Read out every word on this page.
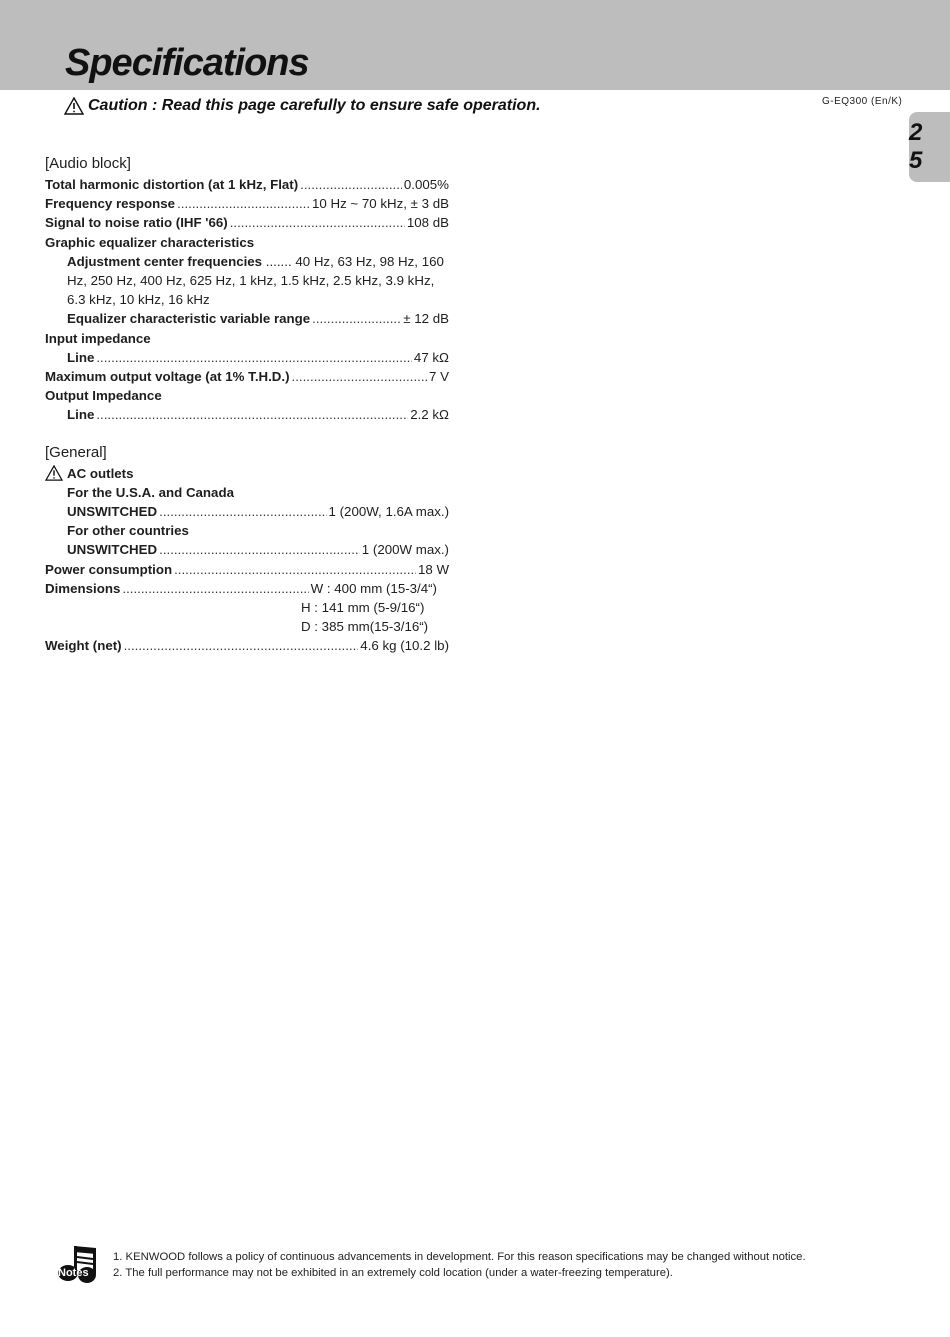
Specifications
Caution : Read this page carefully to ensure safe operation.	G-EQ300 (En/K)
2 5
[Audio block]
Total harmonic distortion (at 1 kHz, Flat) .....	0.005%
Frequency response .....	10 Hz ~ 70 kHz, ± 3 dB
Signal to noise ratio (IHF '66) .....	108 dB
Graphic equalizer characteristics
Adjustment center frequencies ....... 40 Hz, 63 Hz, 98 Hz, 160 Hz, 250 Hz, 400 Hz, 625 Hz, 1 kHz, 1.5 kHz, 2.5 kHz, 3.9 kHz, 6.3 kHz, 10 kHz, 16 kHz
Equalizer characteristic variable range .....	± 12 dB
Input impedance
Line .....	47 kΩ
Maximum output voltage (at 1% T.H.D.) .....	7 V
Output Impedance
Line .....	2.2 kΩ
[General]
AC outlets
For the U.S.A. and Canada
UNSWITCHED .....	1 (200W, 1.6A max.)
For other countries
UNSWITCHED .....	1 (200W max.)
Power consumption .....	18 W
Dimensions .....	W : 400 mm (15-3/4“)
H : 141 mm (5-9/16“)
D : 385 mm(15-3/16“)
Weight (net) .....	4.6 kg (10.2 lb)
Notes
1. KENWOOD follows a policy of continuous advancements in development. For this reason specifications may be changed without notice.
2. The full performance may not be exhibited in an extremely cold location (under a water-freezing temperature).
